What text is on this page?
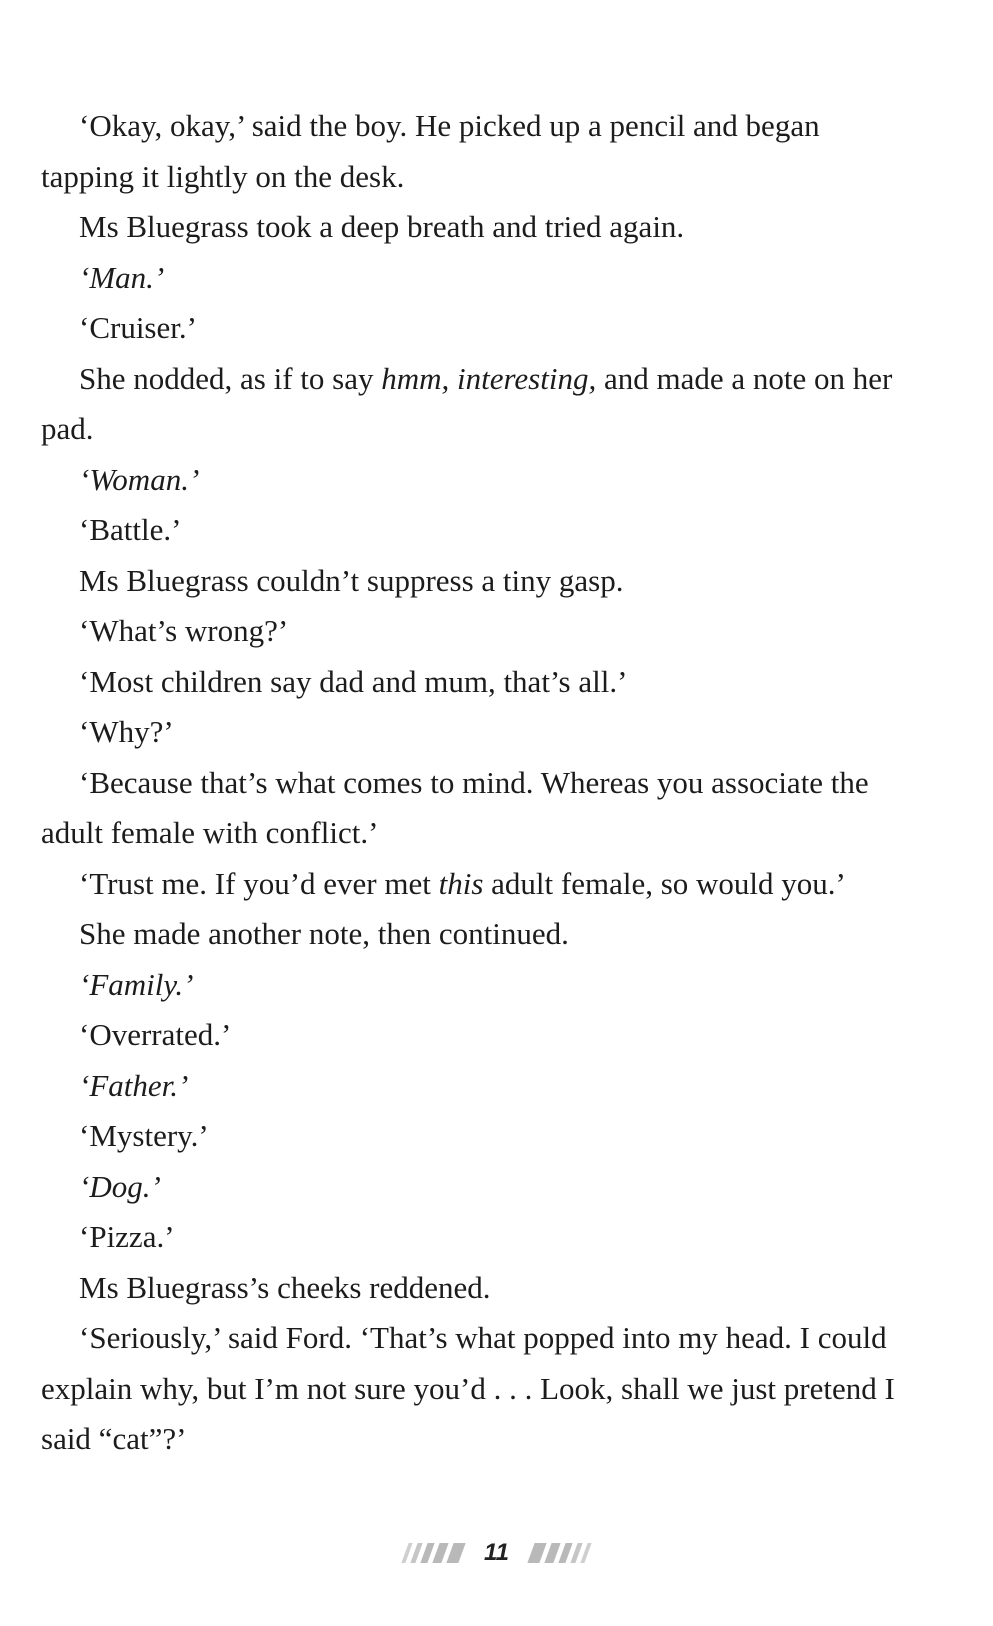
‘Okay, okay,’ said the boy. He picked up a pencil and began tapping it lightly on the desk.

Ms Bluegrass took a deep breath and tried again.

‘Man.’

‘Cruiser.’

She nodded, as if to say hmm, interesting, and made a note on her pad.

‘Woman.’

‘Battle.’

Ms Bluegrass couldn’t suppress a tiny gasp.

‘What’s wrong?’

‘Most children say dad and mum, that’s all.’

‘Why?’

‘Because that’s what comes to mind. Whereas you associate the adult female with conflict.’

‘Trust me. If you’d ever met this adult female, so would you.’

She made another note, then continued.

‘Family.’

‘Overrated.’

‘Father.’

‘Mystery.’

‘Dog.’

‘Pizza.’

Ms Bluegrass’s cheeks reddened.

‘Seriously,’ said Ford. ‘That’s what popped into my head. I could explain why, but I’m not sure you’d . . . Look, shall we just pretend I said “cat”?’

11
